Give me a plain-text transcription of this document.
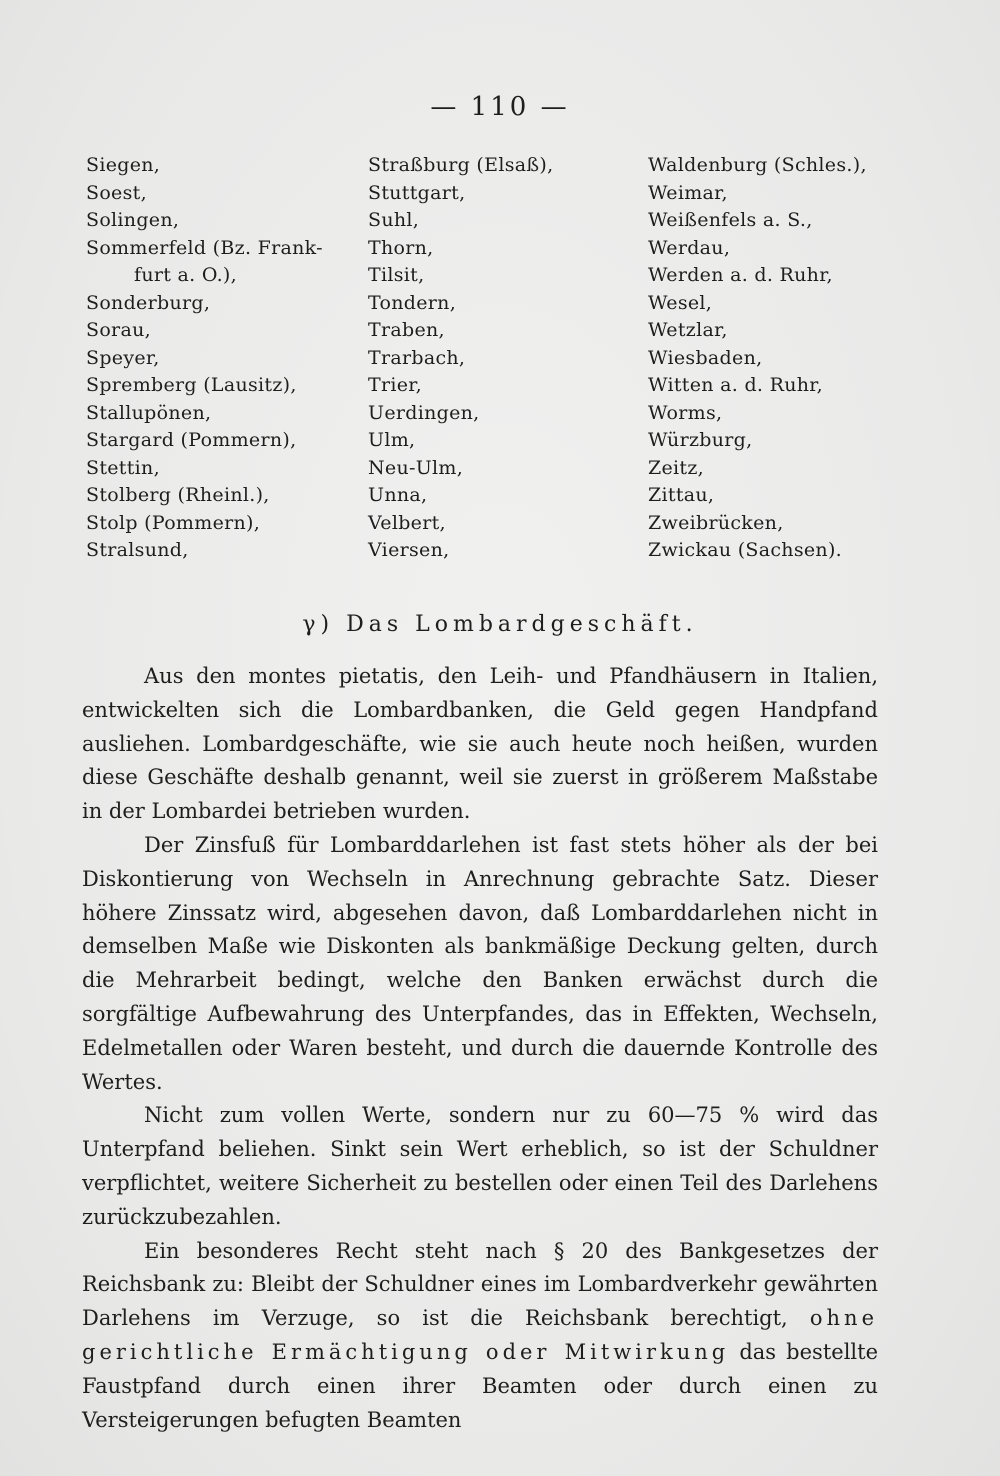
— 110 —
Siegen,
Soest,
Solingen,
Sommerfeld (Bz. Frank-
furt a. O.),
Sonderburg,
Sorau,
Speyer,
Spremberg (Lausitz),
Stallupönen,
Stargard (Pommern),
Stettin,
Stolberg (Rheinl.),
Stolp (Pommern),
Stralsund,
Straßburg (Elsaß),
Stuttgart,
Suhl,
Thorn,
Tilsit,
Tondern,
Traben,
Trarbach,
Trier,
Uerdingen,
Ulm,
Neu-Ulm,
Unna,
Velbert,
Viersen,
Waldenburg (Schles.),
Weimar,
Weißenfels a. S.,
Werdau,
Werden a. d. Ruhr,
Wesel,
Wetzlar,
Wiesbaden,
Witten a. d. Ruhr,
Worms,
Würzburg,
Zeitz,
Zittau,
Zweibrücken,
Zwickau (Sachsen).
γ) Das Lombardgeschäft.

Aus den montes pietatis, den Leih- und Pfandhäusern in Italien, entwickelten sich die Lombardbanken, die Geld gegen Handpfand ausliehen. Lombardgeschäfte, wie sie auch heute noch heißen, wurden diese Geschäfte deshalb genannt, weil sie zuerst in größerem Maßstabe in der Lombardei betrieben wurden.

Der Zinsfuß für Lombarddarlehen ist fast stets höher als der bei Diskontierung von Wechseln in Anrechnung gebrachte Satz. Dieser höhere Zinssatz wird, abgesehen davon, daß Lombarddarlehen nicht in demselben Maße wie Diskonten als bankmäßige Deckung gelten, durch die Mehrarbeit bedingt, welche den Banken erwächst durch die sorgfältige Aufbewahrung des Unterpfandes, das in Effekten, Wechseln, Edelmetallen oder Waren besteht, und durch die dauernde Kontrolle des Wertes.

Nicht zum vollen Werte, sondern nur zu 60—75 % wird das Unterpfand beliehen. Sinkt sein Wert erheblich, so ist der Schuldner verpflichtet, weitere Sicherheit zu bestellen oder einen Teil des Darlehens zurückzubezahlen.

Ein besonderes Recht steht nach § 20 des Bankgesetzes der Reichsbank zu: Bleibt der Schuldner eines im Lombardverkehr gewährten Darlehens im Verzuge, so ist die Reichsbank berechtigt, ohne gerichtliche Ermächtigung oder Mitwirkung das bestellte Faustpfand durch einen ihrer Beamten oder durch einen zu Versteigerungen befugten Beamten
